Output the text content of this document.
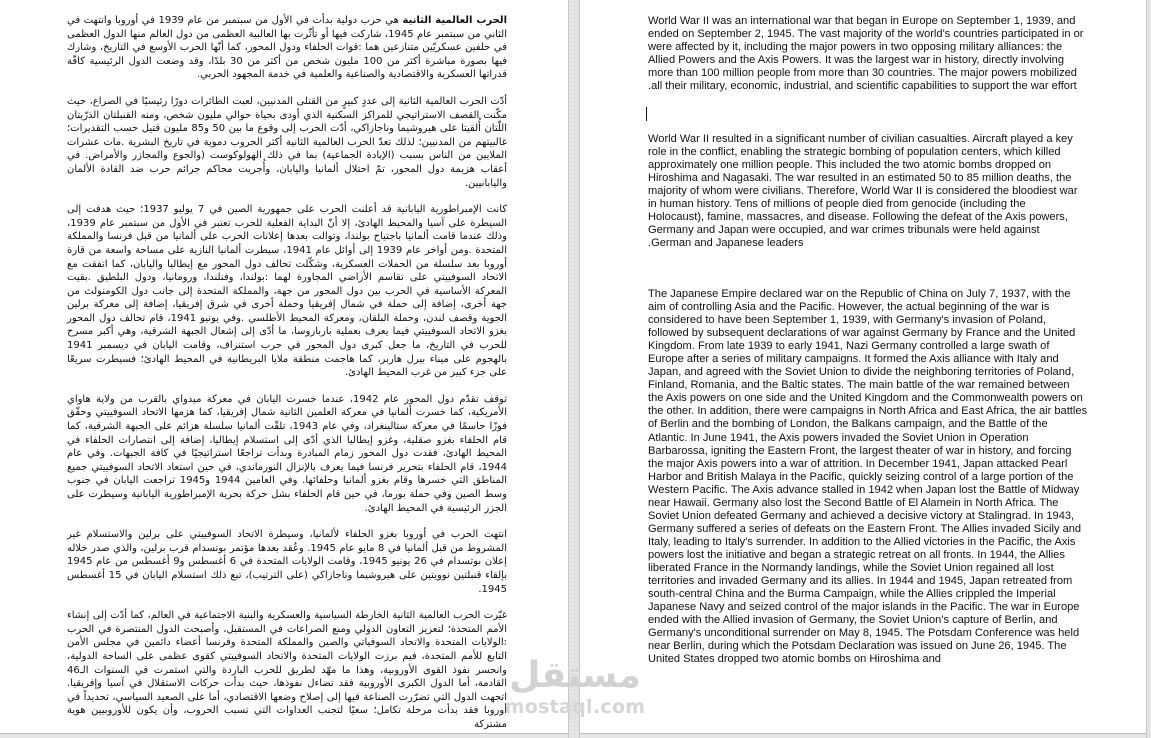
الحرب العالمية الثانية هي حرب دولية بدأت في الأول من سبتمبر من عام 1939 في أوروبا وانتهت في الثاني من سبتمبر عام 1945، شاركت فيها أو تأثّرت بها العالبية العظمى من دول العالم منها الدول العظمى في حلفين عسكريّين متنازعين هما :قوات الحلفاء ودول المحور، كما أنّها الحرب الأوسع في التاريخ، وشارك فيها بصورة مباشرة أكثر من 100 مليون شخص من أكثر من 30 بلدًا، وقد وضعت الدول الرئيسية كافّة قدراتها العسكرية والاقتصادية والصناعية والعلمية في خدمة المجهود الحربي.

أدّت الحرب العالمية الثانية إلى عددٍ كبيرٍ من القتلى المدنيين، لعبت الطائرات دورًا رئيسيًا في الصراع، حيث مكّنت القصف الاستراتيجي للمراكز السكنية الذي أودى بحياة حوالي مليون شخص، ومنه القنبلتان الذرّيتان اللّتان أُلقيتا على هيروشيما وناجازاكي، أدّت الحرب إلى وقوع ما بين 50 و85 مليون قتيل حسب التقديرات؛ غالبيتهم من المدنيين؛ لذلك تعدّ الحرب العالمية الثانية أكثر الحروب دموية في تاريخ البشرية .مات عشرات الملايين من الناس بسبب (الإبادة الجماعية) بما في ذلك الهولوكوست (والجوع والمجازر والأمراض. في أعقاب هزيمة دول المحور، تمّ احتلال ألمانيا واليابان، وأُجريت محاكم جرائم حرب ضد القادة الألمان واليابانيين.

كانت الإمبراطورية اليابانية قد أعلنت الحرب على جمهورية الصين في 7 يوليو 1937؛ حيث هدفت إلى السيطرة على آسيا والمحيط الهادئ، إلا أنّ البداية الفعلية للحرب تعتبر في الأول من سبتمبر عام 1939، وذلك عندما قامت ألمانيا باجتياح بولندا، وتوالت بعدها إعلانات الحرب على ألمانيا من قبل فرنسا والمملكة المتحدة .ومن أواخر عام 1939 إلى أوائل عام 1941، سيطرت ألمانيا النازية على مساحة واسعة من قارة أوروبا بعد سلسلة من الحملات العسكرية، وشكّلت تحالف دول المحور مع إيطاليا واليابان، كما اتفقت مع الاتحاد السوفييتي على تقاسم الأراضي المجاورة لهما :بولندا، وفنلندا، ورومانيا، ودول البلطيق .بقيت المعركة الأساسية في الحرب بين دول المحور من جهة، والمملكة المتحدة إلى جانب دول الكومنولث من جهة أخرى، إضافة إلى حملة في شمال إفريقيا وحملة أخرى في شرق إفريقيا، إضافة إلى معركة برلين الجوية وقصف لندن، وحملة البلقان، ومعركة المحيط الأطلسي .وفي يونيو 1941، قام تحالف دول المحور بغزو الاتحاد السوفييتي فيما يعرف بعملية بارباروسا، ما أدّى إلى إشعال الجبهة الشرقية، وهي أكبر مسرح للحرب في التاريخ، ما جعل كبرى دول المحور في حرب استنزاف، وقامت اليابان في ديسمبر 1941 بالهجوم على ميناء بيرل هاربر، كما هاجمت منطقة ملايا البريطانية في المحيط الهادئ؛ فسيطرت سريعًا على جزء كبير من غرب المحيط الهادئ.

توقف تقدّم دول المحور عام 1942، عندما خسرت اليابان في معركة ميدواي بالقرب من ولاية هاواي الأمريكية، كما خسرت ألمانيا في معركة العلمين الثانية شمال إفريقيا، كما هزمها الاتحاد السوفييتي وحقّق فوزًا حاسمًا في معركة ستالينغراد، وفي عام 1943، تلقّت ألمانيا سلسلة هزائم على الجبهة الشرقية، كما قام الحلفاء بغزو صقلية، وغزو إيطاليا الذي أدّى إلى استسلام إيطاليا، إضافة إلى انتصارات الحلفاء في المحيط الهادئ، فقدت دول المحور زمام المبادرة وبدأت تراجعًا استراتيجيًا في كافة الجبهات. وفي عام 1944، قام الحلفاء بتحرير فرنسا فيما يعرف بالإنزال النورماندي، في حين استعاد الاتحاد السوفييتي جميع المناطق التي خسرها وقام بغزو ألمانيا وحلفائها. وفي العامين 1944 و1945 تراجعت اليابان في جنوب وسط الصين وفي حملة بورما، في حين قام الحلفاء بشل حركة بحرية الإمبراطورية اليابانية وسيطرت على الجزر الرئيسية في المحيط الهادئ.

انتهت الحرب في أوروبا بغزو الحلفاء لألمانيا، وسيطرة الاتحاد السوفييتي على برلين والاستسلام غير المشروط من قبل ألمانيا في 8 مايو عام 1945. وعُقد بعدها مؤتمر بوتسدام قرب برلين، والذي صدر خلاله إعلان بوتسدام في 26 يونيو 1945، وقامت الولايات المتحدة في 6 أغسطس و9 أغسطس من عام 1945 بإلقاء قنبلتين نوويتين على هيروشيما وناجازاكي (على الترتيب)، تبع ذلك استسلام اليابان في 15 أغسطس 1945.

غيّرت الحرب العالمية الثانية الخارطة السياسية والعسكرية والبنية الاجتماعية في العالم، كما أدّت إلى إنشاء الأمم المتحدة؛ لتعزيز التعاون الدولي ومنع الصراعات في المستقبل، وأصبحت الدول المنتصرة في الحرب :الولايات المتحدة والاتحاد السوفياتي والصين والمملكة المتحدة وفرنسا أعضاء دائمين في مجلس الأمن التابع للأمم المتحدة، فيم برزت الولايات المتحدة والاتحاد السوفييتي كقوى عظمى على الساحة الدولية، وانحسر نفوذ القوى الأوروبية، وهذا ما مهّد لطريق للحرب الباردة والتي استمرت في السنوات الـ46 القادمة، أما الدول الكبرى الأوروبية فقد تضاءل نفوذها، حيث بدأت حركات الاستقلال في آسيا وإفريقيا. اتجهت الدول التي تضرّرت الصناعة فيها إلى إصلاح وضعها الاقتصادي، أما على الصعيد السياسي، تحديداً في أوروبا فقد بدأت مرحلة تكامل؛ سعيًا لتجنب العداوات التي تسبب الحروب، وأن يكون للأوروبيين هوية مشتركة

World War II was an international war that began in Europe on September 1, 1939, and ended on September 2, 1945. The vast majority of the world's countries participated in or were affected by it, including the major powers in two opposing military alliances: the Allied Powers and the Axis Powers. It was the largest war in history, directly involving more than 100 million people from more than 30 countries. The major powers mobilized .all their military, economic, industrial, and scientific capabilities to support the war effort

World War II resulted in a significant number of civilian casualties. Aircraft played a key role in the conflict, enabling the strategic bombing of population centers, which killed approximately one million people. This included the two atomic bombs dropped on Hiroshima and Nagasaki. The war resulted in an estimated 50 to 85 million deaths, the majority of whom were civilians. Therefore, World War II is considered the bloodiest war in human history. Tens of millions of people died from genocide (including the Holocaust), famine, massacres, and disease. Following the defeat of the Axis powers, Germany and Japan were occupied, and war crimes tribunals were held against .German and Japanese leaders

The Japanese Empire declared war on the Republic of China on July 7, 1937, with the aim of controlling Asia and the Pacific. However, the actual beginning of the war is considered to have been September 1, 1939, with Germany's invasion of Poland, followed by subsequent declarations of war against Germany by France and the United Kingdom. From late 1939 to early 1941, Nazi Germany controlled a large swath of Europe after a series of military campaigns. It formed the Axis alliance with Italy and Japan, and agreed with the Soviet Union to divide the neighboring territories of Poland, Finland, Romania, and the Baltic states. The main battle of the war remained between the Axis powers on one side and the United Kingdom and the Commonwealth powers on the other. In addition, there were campaigns in North Africa and East Africa, the air battles of Berlin and the bombing of London, the Balkans campaign, and the Battle of the Atlantic. In June 1941, the Axis powers invaded the Soviet Union in Operation Barbarossa, igniting the Eastern Front, the largest theater of war in history, and forcing the major Axis powers into a war of attrition. In December 1941, Japan attacked Pearl Harbor and British Malaya in the Pacific, quickly seizing control of a large portion of the Western Pacific. The Axis advance stalled in 1942 when Japan lost the Battle of Midway near Hawaii. Germany also lost the Second Battle of El Alamein in North Africa. The Soviet Union defeated Germany and achieved a decisive victory at Stalingrad. In 1943, Germany suffered a series of defeats on the Eastern Front. The Allies invaded Sicily and Italy, leading to Italy's surrender. In addition to the Allied victories in the Pacific, the Axis powers lost the initiative and began a strategic retreat on all fronts. In 1944, the Allies liberated France in the Normandy landings, while the Soviet Union regained all lost territories and invaded Germany and its allies. In 1944 and 1945, Japan retreated from south-central China and the Burma Campaign, while the Allies crippled the Imperial Japanese Navy and seized control of the major islands in the Pacific. The war in Europe ended with the Allied invasion of Germany, the Soviet Union's capture of Berlin, and Germany's unconditional surrender on May 8, 1945. The Potsdam Conference was held near Berlin, during which the Potsdam Declaration was issued on June 26, 1945. The United States dropped two atomic bombs on Hiroshima and

مستقل
mostaql.com
